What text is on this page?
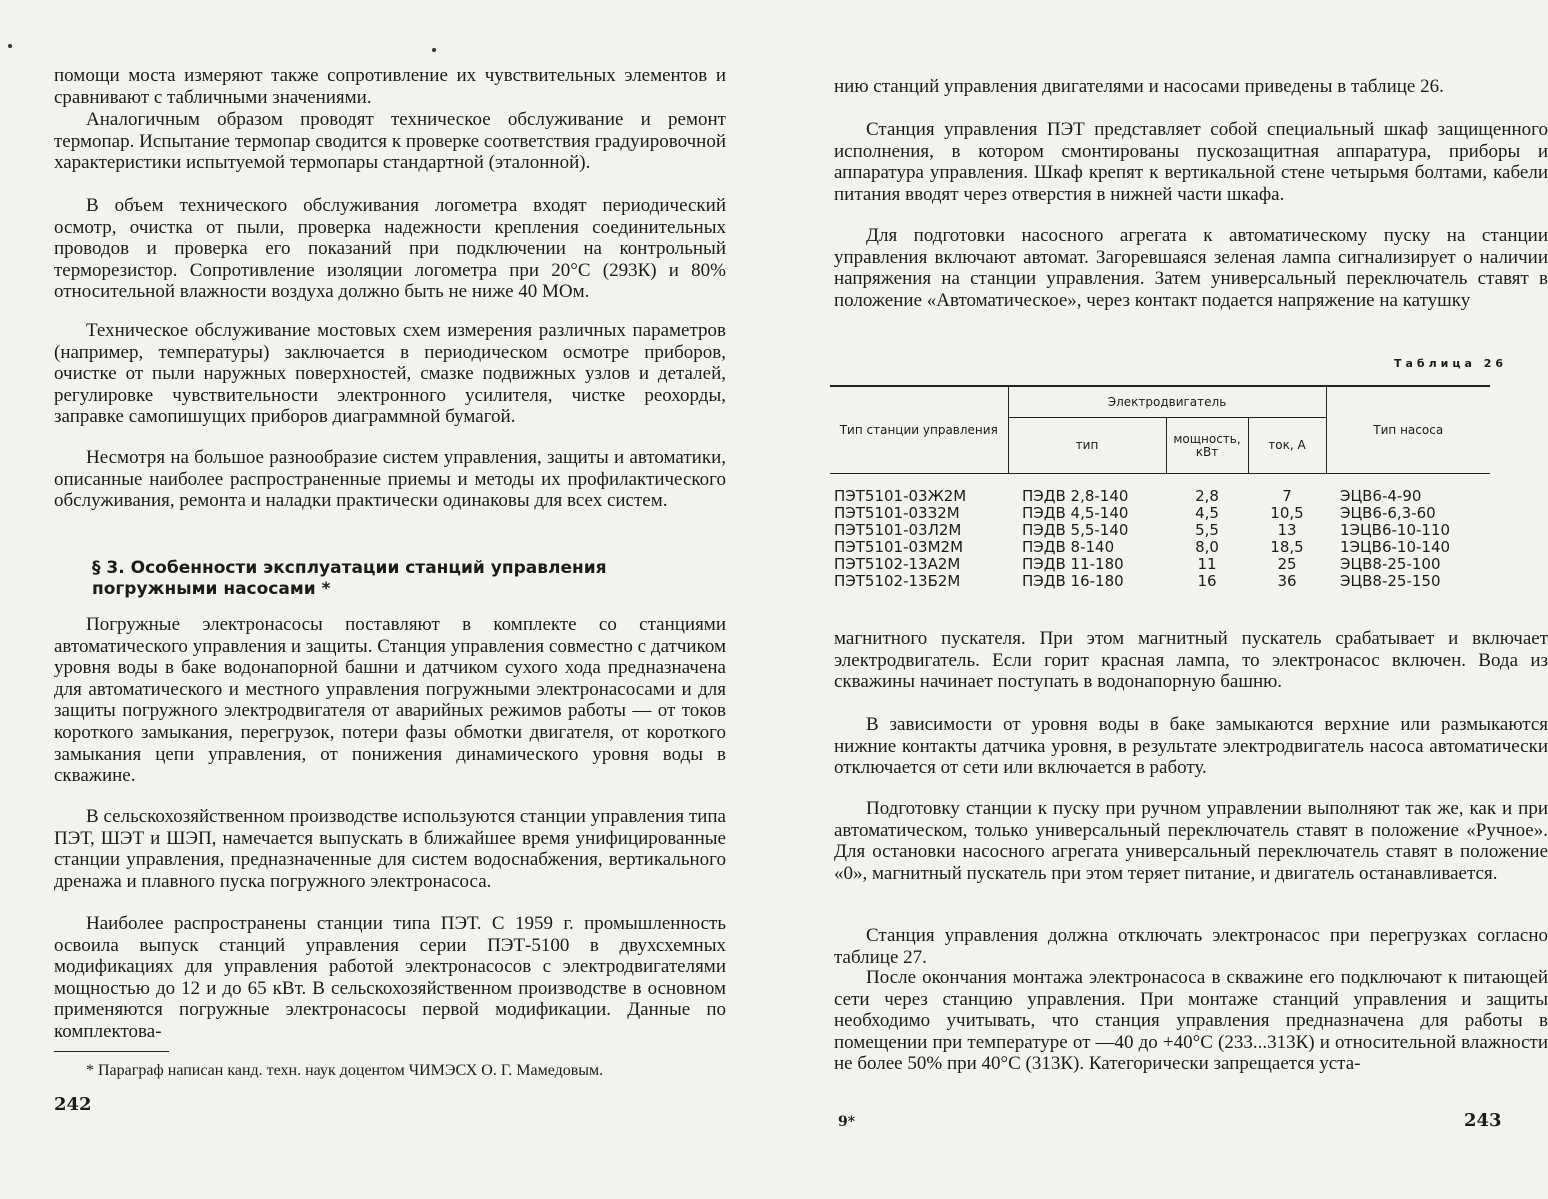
помощи моста измеряют также сопротивление их чувствительных элементов и сравнивают с табличными значениями.

Аналогичным образом проводят техническое обслуживание и ремонт термопар. Испытание термопар сводится к проверке соответствия градуировочной характеристики испытуемой термопары стандартной (эталонной).

В объем технического обслуживания логометра входят периодический осмотр, очистка от пыли, проверка надежности крепления соединительных проводов и проверка его показаний при подключении на контрольный терморезистор. Сопротивление изоляции логометра при 20°С (293К) и 80% относительной влажности воздуха должно быть не ниже 40 МОм.

Техническое обслуживание мостовых схем измерения различных параметров (например, температуры) заключается в периодическом осмотре приборов, очистке от пыли наружных поверхностей, смазке подвижных узлов и деталей, регулировке чувствительности электронного усилителя, чистке реохорды, заправке самопишущих приборов диаграммной бумагой.

Несмотря на большое разнообразие систем управления, защиты и автоматики, описанные наиболее распространенные приемы и методы их профилактического обслуживания, ремонта и наладки практически одинаковы для всех систем.

§ 3. Особенности эксплуатации станций управления погружными насосами *

Погружные электронасосы поставляют в комплекте со станциями автоматического управления и защиты. Станция управления совместно с датчиком уровня воды в баке водонапорной башни и датчиком сухого хода предназначена для автоматического и местного управления погружными электронасосами и для защиты погружного электродвигателя от аварийных режимов работы — от токов короткого замыкания, перегрузок, потери фазы обмотки двигателя, от короткого замыкания цепи управления, от понижения динамического уровня воды в скважине.

В сельскохозяйственном производстве используются станции управления типа ПЭТ, ШЭТ и ШЭП, намечается выпускать в ближайшее время унифицированные станции управления, предназначенные для систем водоснабжения, вертикального дренажа и плавного пуска погружного электронасоса.

Наиболее распространены станции типа ПЭТ. С 1959 г. промышленность освоила выпуск станций управления серии ПЭТ-5100 в двухсхемных модификациях для управления работой электронасосов с электродвигателями мощностью до 12 и до 65 кВт. В сельскохозяйственном производстве в основном применяются погружные электронасосы первой модификации. Данные по комплектова-

* Параграф написан канд. техн. наук доцентом ЧИМЭСХ О. Г. Мамедовым.

242

нию станций управления двигателями и насосами приведены в таблице 26.

Станция управления ПЭТ представляет собой специальный шкаф защищенного исполнения, в котором смонтированы пускозащитная аппаратура, приборы и аппаратура управления. Шкаф крепят к вертикальной стене четырьмя болтами, кабели питания вводят через отверстия в нижней части шкафа.

Для подготовки насосного агрегата к автоматическому пуску на станции управления включают автомат. Загоревшаяся зеленая лампа сигнализирует о наличии напряжения на станции управления. Затем универсальный переключатель ставят в положение «Автоматическое», через контакт подается напряжение на катушку

Таблица 26
Тип станции управления	Электродвигатель			Тип насоса
	тип	мощность, кВт	ток, А	

ПЭТ5101-03Ж2М	ПЭДВ 2,8-140	2,8	7	ЭЦВ6-4-90
ПЭТ5101-03З2М	ПЭДВ 4,5-140	4,5	10,5	ЭЦВ6-6,3-60
ПЭТ5101-03Л2М	ПЭДВ 5,5-140	5,5	13	1ЭЦВ6-10-110
ПЭТ5101-03М2М	ПЭДВ 8-140	8,0	18,5	1ЭЦВ6-10-140
ПЭТ5102-13А2М	ПЭДВ 11-180	11	25	ЭЦВ8-25-100
ПЭТ5102-13Б2М	ПЭДВ 16-180	16	36	ЭЦВ8-25-150

магнитного пускателя. При этом магнитный пускатель срабатывает и включает электродвигатель. Если горит красная лампа, то электронасос включен. Вода из скважины начинает поступать в водонапорную башню.

В зависимости от уровня воды в баке замыкаются верхние или размыкаются нижние контакты датчика уровня, в результате электродвигатель насоса автоматически отключается от сети или включается в работу.

Подготовку станции к пуску при ручном управлении выполняют так же, как и при автоматическом, только универсальный переключатель ставят в положение «Ручное». Для остановки насосного агрегата универсальный переключатель ставят в положение «0», магнитный пускатель при этом теряет питание, и двигатель останавливается.

Станция управления должна отключать электронасос при перегрузках согласно таблице 27.

После окончания монтажа электронасоса в скважине его подключают к питающей сети через станцию управления. При монтаже станций управления и защиты необходимо учитывать, что станция управления предназначена для работы в помещении при температуре от —40 до +40°С (233...313К) и относительной влажности не более 50% при 40°С (313К). Категорически запрещается уста-

9*	243
